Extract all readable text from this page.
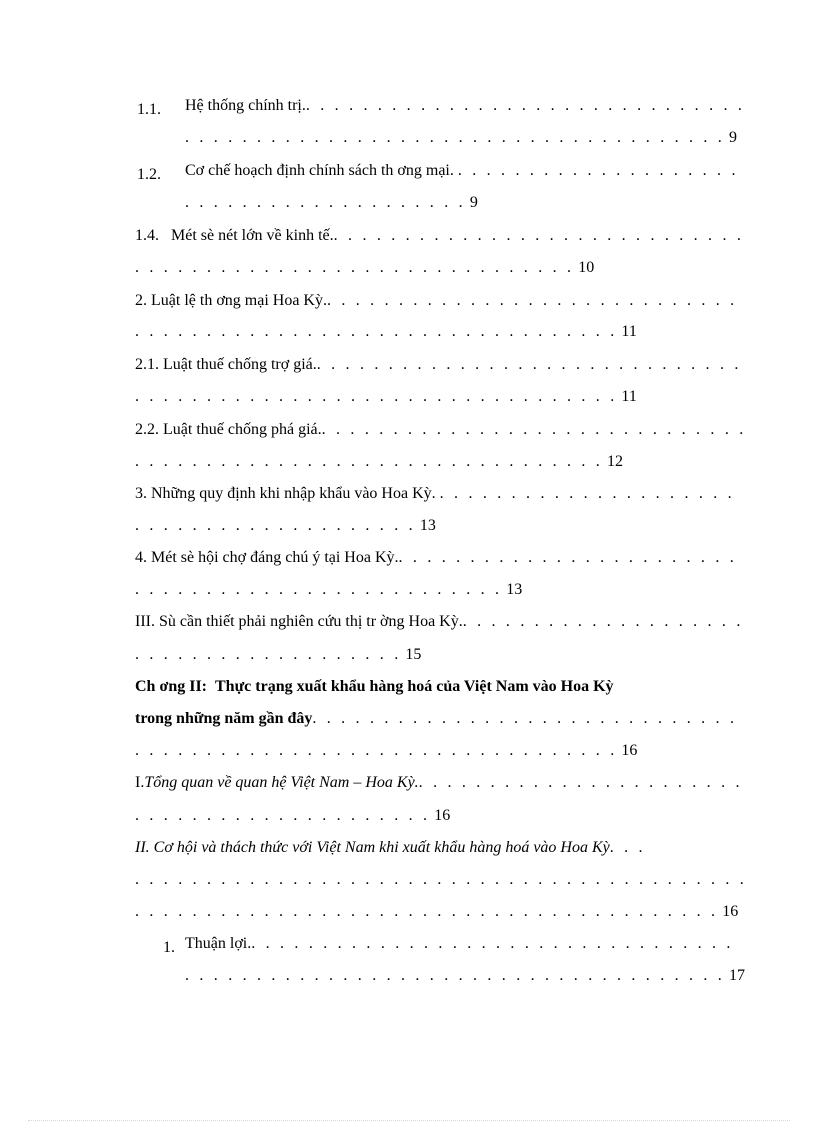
1.1. Hệ thống chính trị.. . . . . . . . . . . . . . . . . . . . . . . . . . . . . . .
. . . . . . . . . . . . . . . . . . . . . . . . . . . . . . . . . . . . . . 9
1.2. Cơ chế hoạch định chính sách th ơng mại. . . . . . . . . . . . . . . . . . . . .
. . . . . . . . . . . . . . . . . . . . 9
1.4. Mét sè nét lớn về kinh tế.. . . . . . . . . . . . . . . . . . . . . . . . . . . . .
. . . . . . . . . . . . . . . . . . . . . . . . . . . . . . . 10
2. Luật lệ th ơng mại Hoa Kỳ.. . . . . . . . . . . . . . . . . . . . . . . . . . . . .
. . . . . . . . . . . . . . . . . . . . . . . . . . . . . . . . . . 11
2.1. Luật thuế chống trợ giá.. . . . . . . . . . . . . . . . . . . . . . . . . . . . . .
. . . . . . . . . . . . . . . . . . . . . . . . . . . . . . . . . . 11
2.2. Luật thuế chống phá giá.. . . . . . . . . . . . . . . . . . . . . . . . . . . . . .
. . . . . . . . . . . . . . . . . . . . . . . . . . . . . . . . . 12
3. Những quy định khi nhập khẩu vào Hoa Kỳ. . . . . . . . . . . . . . . . . . . . . .
. . . . . . . . . . . . . . . . . . . . 13
4. Mét sè hội chợ đáng chú ý tại Hoa Kỳ.. . . . . . . . . . . . . . . . . . . . . . . .
. . . . . . . . . . . . . . . . . . . . . . . . . . 13
III. Sù cần thiết phải nghiên cứu thị tr ờng Hoa Kỳ.. . . . . . . . . . . . . . . . . . . .
. . . . . . . . . . . . . . . . . . . 15
Ch ơng II: Thực trạng xuất khẩu hàng hoá của Việt Nam vào Hoa Kỳ
trong những năm gần đây. . . . . . . . . . . . . . . . . . . . . . . . . . . . . .
. . . . . . . . . . . . . . . . . . . . . . . . . . . . . . . . . . 16
I.Tổng quan về quan hệ Việt Nam – Hoa Kỳ.. . . . . . . . . . . . . . . . . . . . . . .
. . . . . . . . . . . . . . . . . . . . . 16
II. Cơ hội và thách thức với Việt Nam khi xuất khẩu hàng hoá vào Hoa Kỳ. . .
. . . . . . . . . . . . . . . . . . . . . . . . . . . . . . . . . . . . . . . . . . .
. . . . . . . . . . . . . . . . . . . . . . . . . . . . . . . . . . . . . . . . . 16
1. Thuận lợi.. . . . . . . . . . . . . . . . . . . . . . . . . . . . . . . . . .
. . . . . . . . . . . . . . . . . . . . . . . . . . . . . . . . . . . . . . 17
